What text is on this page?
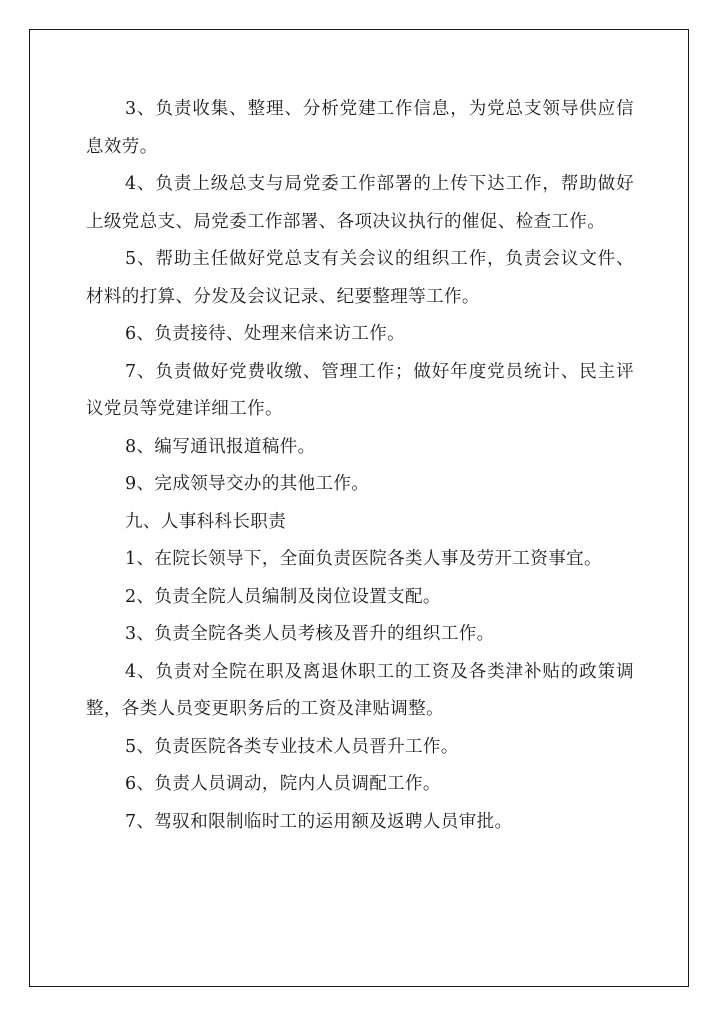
3、负责收集、整理、分析党建工作信息，为党总支领导供应信息效劳。

4、负责上级总支与局党委工作部署的上传下达工作，帮助做好上级党总支、局党委工作部署、各项决议执行的催促、检查工作。

5、帮助主任做好党总支有关会议的组织工作，负责会议文件、材料的打算、分发及会议记录、纪要整理等工作。

6、负责接待、处理来信来访工作。

7、负责做好党费收缴、管理工作；做好年度党员统计、民主评议党员等党建详细工作。

8、编写通讯报道稿件。

9、完成领导交办的其他工作。

九、人事科科长职责

1、在院长领导下，全面负责医院各类人事及劳开工资事宜。

2、负责全院人员编制及岗位设置支配。

3、负责全院各类人员考核及晋升的组织工作。

4、负责对全院在职及离退休职工的工资及各类津补贴的政策调整，各类人员变更职务后的工资及津贴调整。

5、负责医院各类专业技术人员晋升工作。

6、负责人员调动，院内人员调配工作。

7、驾驭和限制临时工的运用额及返聘人员审批。
